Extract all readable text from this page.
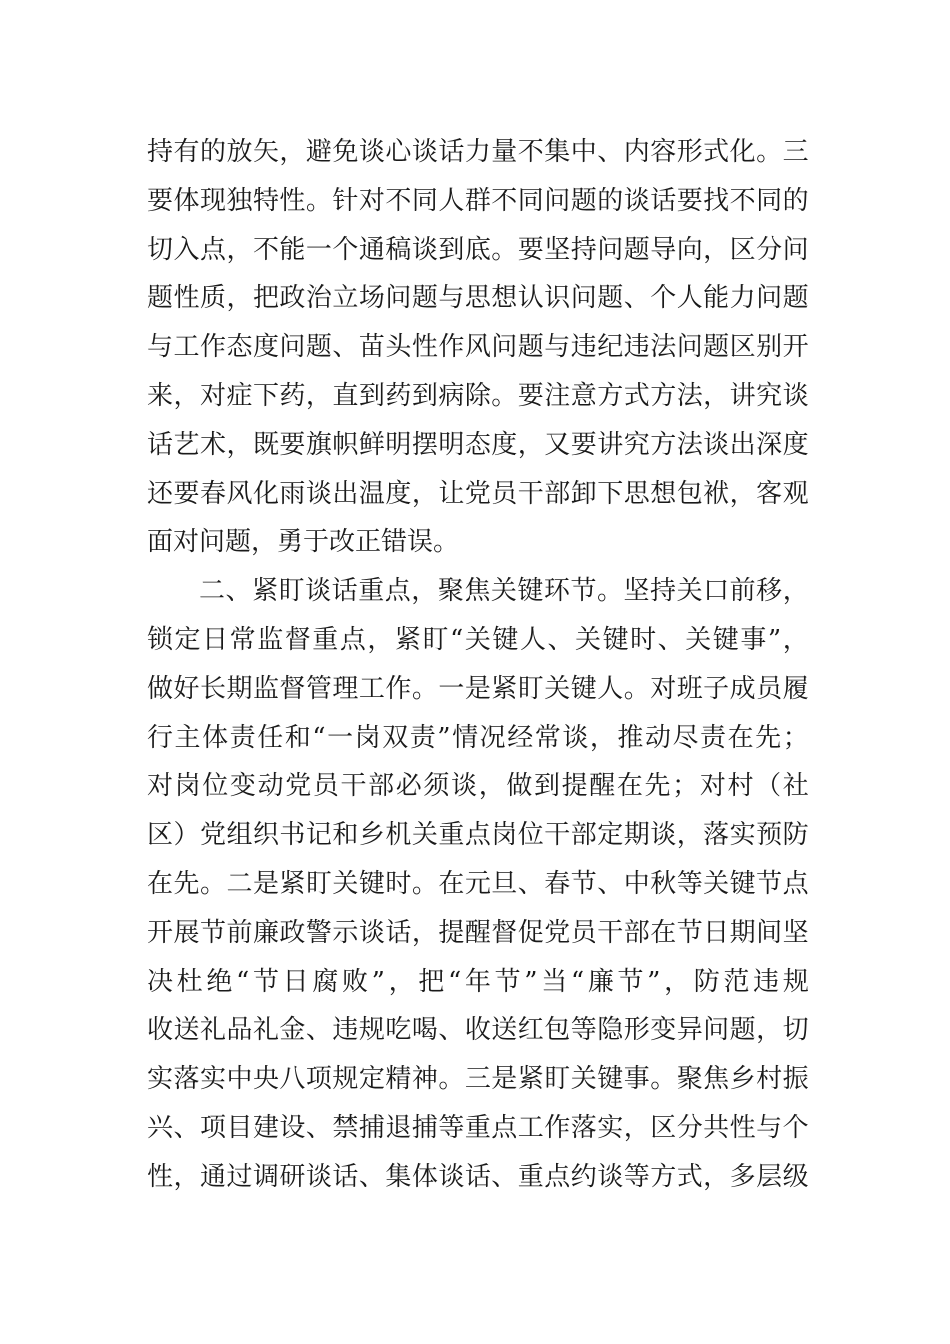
持 有 的 放 矢 ， 避 免 谈 心 谈 话 力 量 不 集 中 、 内 容 形 式 化 。 三
要 体 现 独 特 性 。 针 对 不 同 人 群 不 同 问 题 的 谈 话 要 找 不 同 的
切 入 点 ， 不 能 一 个 通 稿 谈 到 底 。 要 坚 持 问 题 导 向 ， 区 分 问
题 性 质 ， 把 政 治 立 场 问 题 与 思 想 认 识 问 题 、 个 人 能 力 问 题
与 工 作 态 度 问 题 、 苗 头 性 作 风 问 题 与 违 纪 违 法 问 题 区 别 开
来 ， 对 症 下 药 ， 直 到 药 到 病 除 。 要 注 意 方 式 方 法 ， 讲 究 谈
话 艺 术 ， 既 要 旗 帜 鲜 明 摆 明 态 度 ， 又 要 讲 究 方 法 谈 出 深 度
还 要 春 风 化 雨 谈 出 温 度 ， 让 党 员 干 部 卸 下 思 想 包 袱 ， 客 观
面对问题，勇于改正错误。
二 、 紧 盯 谈 话 重 点 ， 聚 焦 关 键 环 节 。 坚 持 关 口 前 移 ，
锁 定 日 常 监 督 重 点 ， 紧 盯 “ 关 键 人 、 关 键 时 、 关 键 事 ” ，
做 好 长 期 监 督 管 理 工 作 。 一 是 紧 盯 关 键 人 。 对 班 子 成 员 履
行 主 体 责 任 和 “ 一 岗 双 责 ” 情 况 经 常 谈 ， 推 动 尽 责 在 先 ；
对 岗 位 变 动 党 员 干 部 必 须 谈 ， 做 到 提 醒 在 先 ； 对 村 （ 社
区 ） 党 组 织 书 记 和 乡 机 关 重 点 岗 位 干 部 定 期 谈 ， 落 实 预 防
在 先 。 二 是 紧 盯 关 键 时 。 在 元 旦 、 春 节 、 中 秋 等 关 键 节 点
开 展 节 前 廉 政 警 示 谈 话 ， 提 醒 督 促 党 员 干 部 在 节 日 期 间 坚
决 杜 绝 “ 节 日 腐 败 ” ， 把 “ 年 节 ” 当 “ 廉 节 ” ， 防 范 违 规
收 送 礼 品 礼 金 、 违 规 吃 喝 、 收 送 红 包 等 隐 形 变 异 问 题 ， 切
实 落 实 中 央 八 项 规 定 精 神 。 三 是 紧 盯 关 键 事 。 聚 焦 乡 村 振
兴 、 项 目 建 设 、 禁 捕 退 捕 等 重 点 工 作 落 实 ， 区 分 共 性 与 个
性 ， 通 过 调 研 谈 话 、 集 体 谈 话 、 重 点 约 谈 等 方 式 ， 多 层 级
